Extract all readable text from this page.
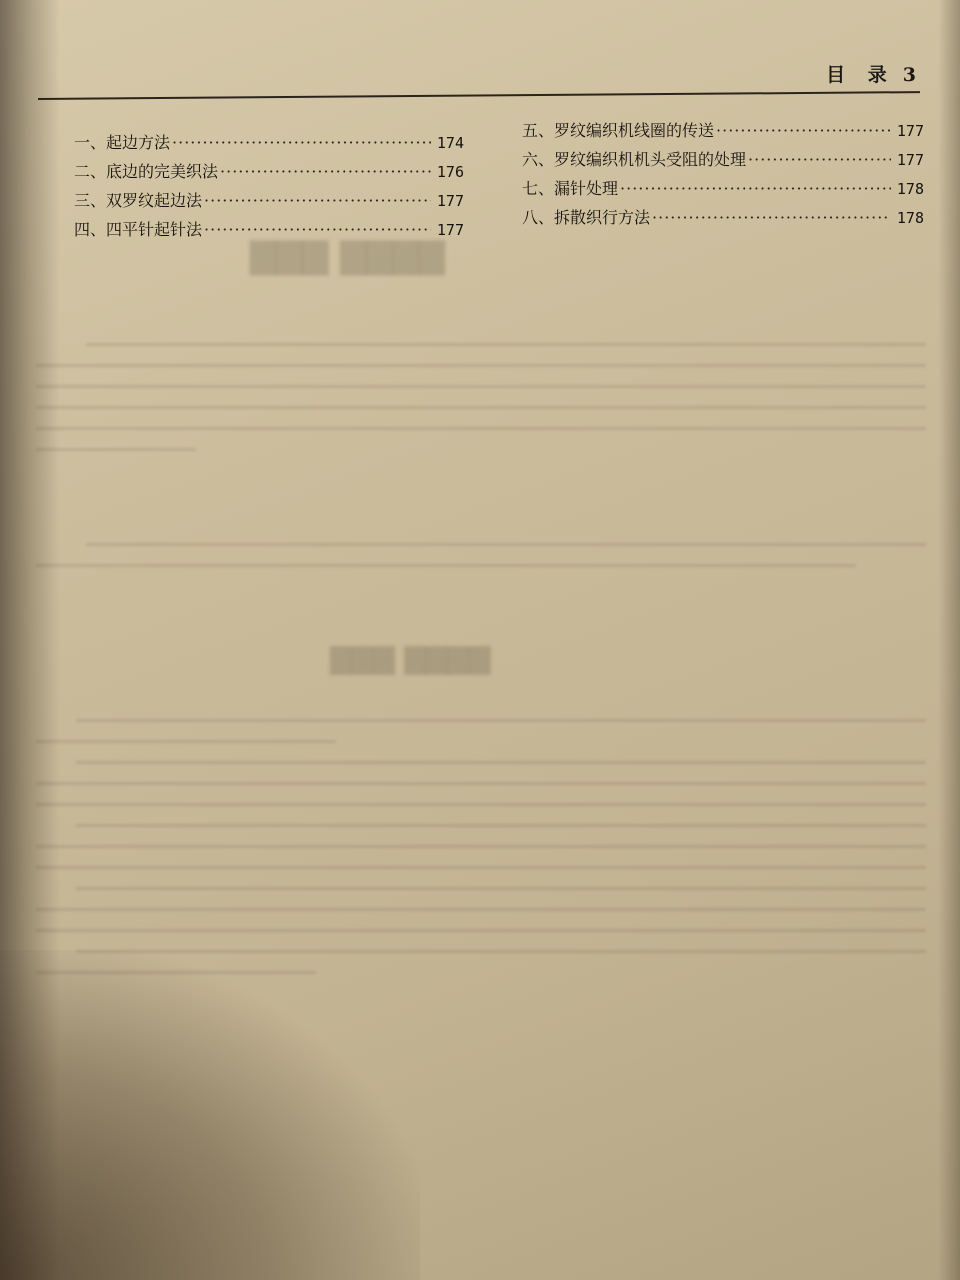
▇▇▇ ▇▇▇▇
▇▇▇ ▇▇▇▇
目 录 3
一、 起边方法 ·····	174
二、 底边的完美织法 ·····	176
三、 双罗纹起边法 ·····	177
四、 四平针起针法 ·····	177
五、 罗纹编织机线圈的传送 ·····	177
六、 罗纹编织机机头受阻的处理 ·····	177
七、 漏针处理 ·····	178
八、 拆散织行方法 ·····	178
